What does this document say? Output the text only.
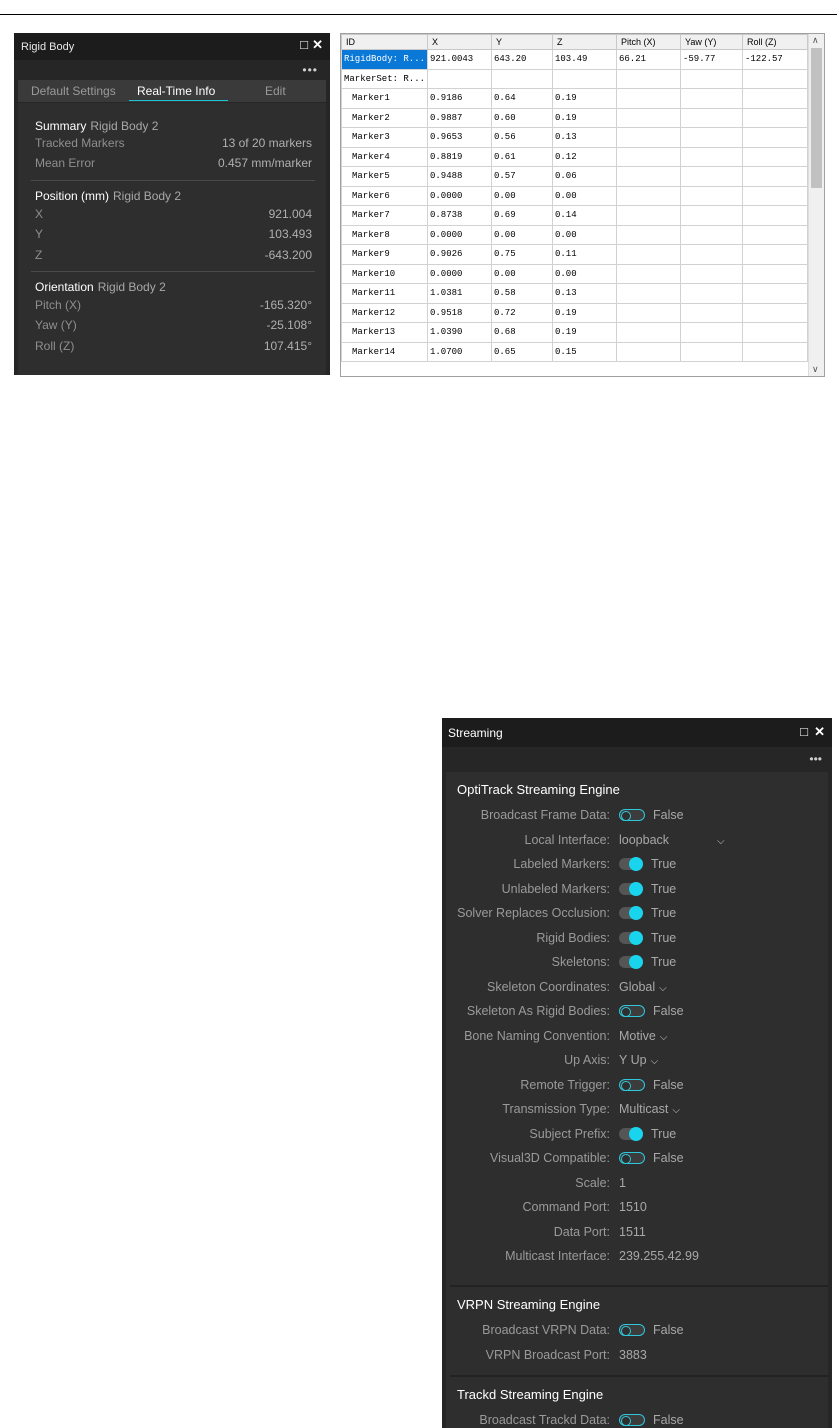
Rigid Body	□ ✕
•••
Default Settings Real-Time Info	Edit
Summary Rigid Body 2
Tracked Markers	13 of 20 markers
Mean Error	0.457 mm/marker
Position (mm) Rigid Body 2
X	921.004
Y	103.493
Z	-643.200
Orientation Rigid Body 2
Pitch (X)	-165.320°
Yaw (Y)	-25.108°
Roll (Z)	107.415°
ID	X	Y	Z	Pitch (X)	Yaw (Y)	Roll (Z)
RigidBody: R...	921.0043	643.20	103.49	66.21	-59.77	-122.57
MarkerSet: R...						
Marker1	0.9186	0.64	0.19			
Marker2	0.9887	0.60	0.19			
Marker3	0.9653	0.56	0.13			
Marker4	0.8819	0.61	0.12			
Marker5	0.9488	0.57	0.06			
Marker6	0.0000	0.00	0.00			
Marker7	0.8738	0.69	0.14			
Marker8	0.0000	0.00	0.00			
Marker9	0.9026	0.75	0.11			
Marker10	0.0000	0.00	0.00			
Marker11	1.0381	0.58	0.13			
Marker12	0.9518	0.72	0.19			
Marker13	1.0390	0.68	0.19			
Marker14	1.0700	0.65	0.15			
∧
∨
Streaming	□ ✕
•••
OptiTrack Streaming Engine
Broadcast Frame Data:	False
Local Interface: loopback	⌵
Labeled Markers:	True
Unlabeled Markers:	True
Solver Replaces Occlusion:	True
Rigid Bodies:	True
Skeletons:	True
Skeleton Coordinates: Global ⌵
Skeleton As Rigid Bodies:	False
Bone Naming Convention: Motive ⌵
Up Axis: Y Up ⌵
Remote Trigger:	False
Transmission Type: Multicast ⌵
Subject Prefix:	True
Visual3D Compatible:	False
Scale: 1
Command Port: 1510
Data Port: 1511
Multicast Interface: 239.255.42.99
VRPN Streaming Engine
Broadcast VRPN Data:	False
VRPN Broadcast Port: 3883
Trackd Streaming Engine
Broadcast Trackd Data:	False
